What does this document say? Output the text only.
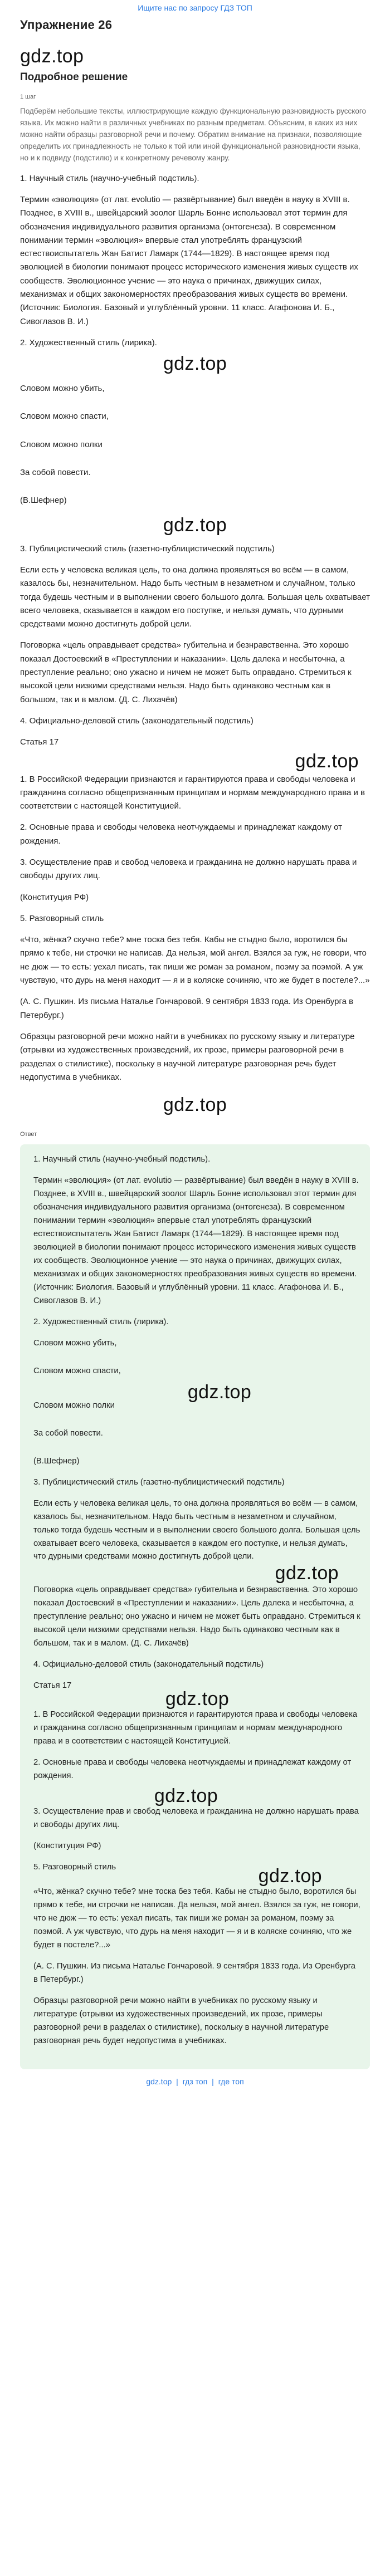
Ищите нас по запросу ГДЗ ТОП
Упражнение 26
gdz.top
Подробное решение
1 шаг
Подберём небольшие тексты, иллюстрирующие каждую функциональную разновидность русского языка. Их можно найти в различных учебниках по разным предметам. Объясним, в каких из них можно найти образцы разговорной речи и почему. Обратим внимание на признаки, позволяющие определить их принадлежность не только к той или иной функциональной разновидности языка, но и к подвиду (подстилю) и к конкретному речевому жанру.

1. Научный стиль (научно-учебный подстиль).

Термин «эволюция» (от лат. evolutio — развёртывание) был введён в науку в XVIII в. Позднее, в XVIII в., швейцарский зоолог Шарль Бонне использовал этот термин для обозначения индивидуального развития организма (онтогенеза). В современном понимании термин «эволюция» впервые стал употреблять французский естествоиспытатель Жан Батист Ламарк (1744—1829). В настоящее время под эволюцией в биологии понимают процесс исторического изменения живых существ их сообществ. Эволюционное учение — это наука о причинах, движущих силах, механизмах и общих закономерностях преобразования живых существ во времени. (Источник: Биология. Базовый и углублённый уровни. 11 класс. Агафонова И. Б., Сивоглазов В. И.)

2. Художественный стиль (лирика).

gdz.top

Словом можно убить,

Словом можно спасти,

Словом можно полки

За собой повести.

(В.Шефнер)

gdz.top

3. Публицистический стиль (газетно-публицистический подстиль)

Если есть у человека великая цель, то она должна проявляться во всём — в самом, казалось бы, незначительном. Надо быть честным в незаметном и случайном, только тогда будешь честным и в выполнении своего большого долга. Большая цель охватывает всего человека, сказывается в каждом его поступке, и нельзя думать, что дурными средствами можно достигнуть доброй цели.

Поговорка «цель оправдывает средства» губительна и безнравственна. Это хорошо показал Достоевский в «Преступлении и наказании». Цель далека и несбыточна, а преступление реально; оно ужасно и ничем не может быть оправдано. Стремиться к высокой цели низкими средствами нельзя. Надо быть одинаково честным как в большом, так и в малом. (Д. С. Лихачёв)

4. Официально-деловой стиль (законодательный подстиль)

Статья 17

gdz.top

1. В Российской Федерации признаются и гарантируются права и свободы человека и гражданина согласно общепризнанным принципам и нормам международного права и в соответствии с настоящей Конституцией.

2. Основные права и свободы человека неотчуждаемы и принадлежат каждому от рождения.

3. Осуществление прав и свобод человека и гражданина не должно нарушать права и свободы других лиц.

(Конституция РФ)

5. Разговорный стиль

«Что, жёнка? скучно тебе? мне тоска без тебя. Кабы не стыдно было, воротился бы прямо к тебе, ни строчки не написав. Да нельзя, мой ангел. Взялся за гуж, не говори, что не дюж — то есть: уехал писать, так пиши же роман за романом, поэму за поэмой. А уж чувствую, что дурь на меня находит — я и в коляске сочиняю, что же будет в постеле?...»

(А. С. Пушкин. Из письма Наталье Гончаровой. 9 сентября 1833 года. Из Оренбурга в Петербург.)

Образцы разговорной речи можно найти в учебниках по русскому языку и литературе (отрывки из художественных произведений, их прозе, примеры разговорной речи в разделах о стилистике), поскольку в научной литературе разговорная речь будет недопустима в учебниках.

gdz.top
Ответ

1. Научный стиль (научно-учебный подстиль).

Термин «эволюция» (от лат. evolutio — развёртывание) был введён в науку в XVIII в. Позднее, в XVIII в., швейцарский зоолог Шарль Бонне использовал этот термин для обозначения индивидуального развития организма (онтогенеза). В современном понимании термин «эволюция» впервые стал употреблять французский естествоиспытатель Жан Батист Ламарк (1744—1829). В настоящее время под эволюцией в биологии понимают процесс исторического изменения живых существ их сообществ. Эволюционное учение — это наука о причинах, движущих силах, механизмах и общих закономерностях преобразования живых существ во времени. (Источник: Биология. Базовый и углублённый уровни. 11 класс. Агафонова И. Б., Сивоглазов В. И.)

2. Художественный стиль (лирика).

Словом можно убить,

Словом можно спасти,

gdz.top

Словом можно полки

За собой повести.

(В.Шефнер)

3. Публицистический стиль (газетно-публицистический подстиль)

Если есть у человека великая цель, то она должна проявляться во всём — в самом, казалось бы, незначительном. Надо быть честным в незаметном и случайном, только тогда будешь честным и в выполнении своего большого долга. Большая цель охватывает всего человека, сказывается в каждом его поступке, и нельзя думать, что дурными средствами можно достигнуть доброй цели.

gdz.top

Поговорка «цель оправдывает средства» губительна и безнравственна. Это хорошо показал Достоевский в «Преступлении и наказании». Цель далека и несбыточна, а преступление реально; оно ужасно и ничем не может быть оправдано. Стремиться к высокой цели низкими средствами нельзя. Надо быть одинаково честным как в большом, так и в малом. (Д. С. Лихачёв)

4. Официально-деловой стиль (законодательный подстиль)

Статья 17

gdz.top

1. В Российской Федерации признаются и гарантируются права и свободы человека и гражданина согласно общепризнанным принципам и нормам международного права и в соответствии с настоящей Конституцией.

2. Основные права и свободы человека неотчуждаемы и принадлежат каждому от рождения.

gdz.top

3. Осуществление прав и свобод человека и гражданина не должно нарушать права и свободы других лиц.

(Конституция РФ)

5. Разговорный стиль	gdz.top

«Что, жёнка? скучно тебе? мне тоска без тебя. Кабы не стыдно было, воротился бы прямо к тебе, ни строчки не написав. Да нельзя, мой ангел. Взялся за гуж, не говори, что не дюж — то есть: уехал писать, так пиши же роман за романом, поэму за поэмой. А уж чувствую, что дурь на меня находит — я и в коляске сочиняю, что же будет в постеле?...»

(А. С. Пушкин. Из письма Наталье Гончаровой. 9 сентября 1833 года. Из Оренбурга в Петербург.)

Образцы разговорной речи можно найти в учебниках по русскому языку и литературе (отрывки из художественных произведений, их прозе, примеры разговорной речи в разделах о стилистике), поскольку в научной литературе разговорная речь будет недопустима в учебниках.

gdz.top | гдз топ | где топ
